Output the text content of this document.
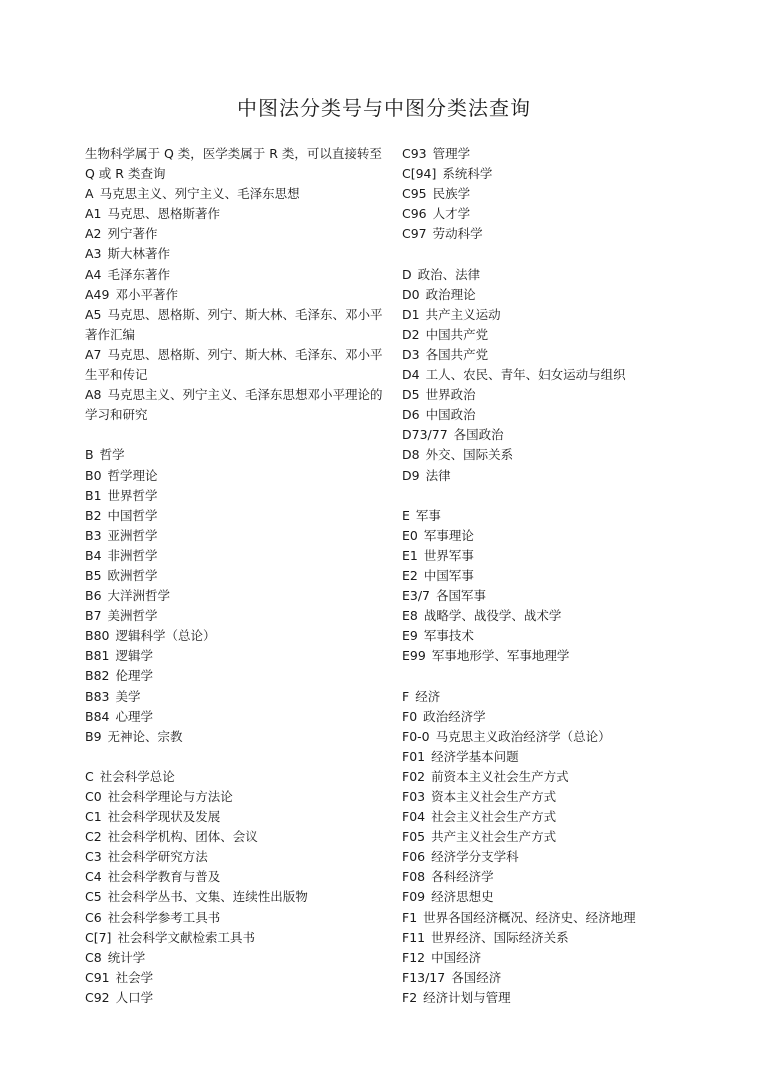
中图法分类号与中图分类法查询
生物科学属于 Q 类，医学类属于 R 类，可以直接转至 Q 或 R 类查询
A 马克思主义、列宁主义、毛泽东思想
A1 马克思、恩格斯著作
A2 列宁著作
A3 斯大林著作
A4 毛泽东著作
A49 邓小平著作
A5 马克思、恩格斯、列宁、斯大林、毛泽东、邓小平著作汇编
A7 马克思、恩格斯、列宁、斯大林、毛泽东、邓小平生平和传记
A8 马克思主义、列宁主义、毛泽东思想邓小平理论的学习和研究
B 哲学
B0 哲学理论
B1 世界哲学
B2 中国哲学
B3 亚洲哲学
B4 非洲哲学
B5 欧洲哲学
B6 大洋洲哲学
B7 美洲哲学
B80 逻辑科学（总论）
B81 逻辑学
B82 伦理学
B83 美学
B84 心理学
B9 无神论、宗教
C 社会科学总论
C0 社会科学理论与方法论
C1 社会科学现状及发展
C2 社会科学机构、团体、会议
C3 社会科学研究方法
C4 社会科学教育与普及
C5 社会科学丛书、文集、连续性出版物
C6 社会科学参考工具书
C[7] 社会科学文献检索工具书
C8 统计学
C91 社会学
C92 人口学
C93 管理学
C[94] 系统科学
C95 民族学
C96 人才学
C97 劳动科学
D 政治、法律
D0 政治理论
D1 共产主义运动
D2 中国共产党
D3 各国共产党
D4 工人、农民、青年、妇女运动与组织
D5 世界政治
D6 中国政治
D73/77 各国政治
D8 外交、国际关系
D9 法律
E 军事
E0 军事理论
E1 世界军事
E2 中国军事
E3/7 各国军事
E8 战略学、战役学、战术学
E9 军事技术
E99 军事地形学、军事地理学
F 经济
F0 政治经济学
F0-0 马克思主义政治经济学（总论）
F01 经济学基本问题
F02 前资本主义社会生产方式
F03 资本主义社会生产方式
F04 社会主义社会生产方式
F05 共产主义社会生产方式
F06 经济学分支学科
F08 各科经济学
F09 经济思想史
F1 世界各国经济概况、经济史、经济地理
F11 世界经济、国际经济关系
F12 中国经济
F13/17 各国经济
F2 经济计划与管理
